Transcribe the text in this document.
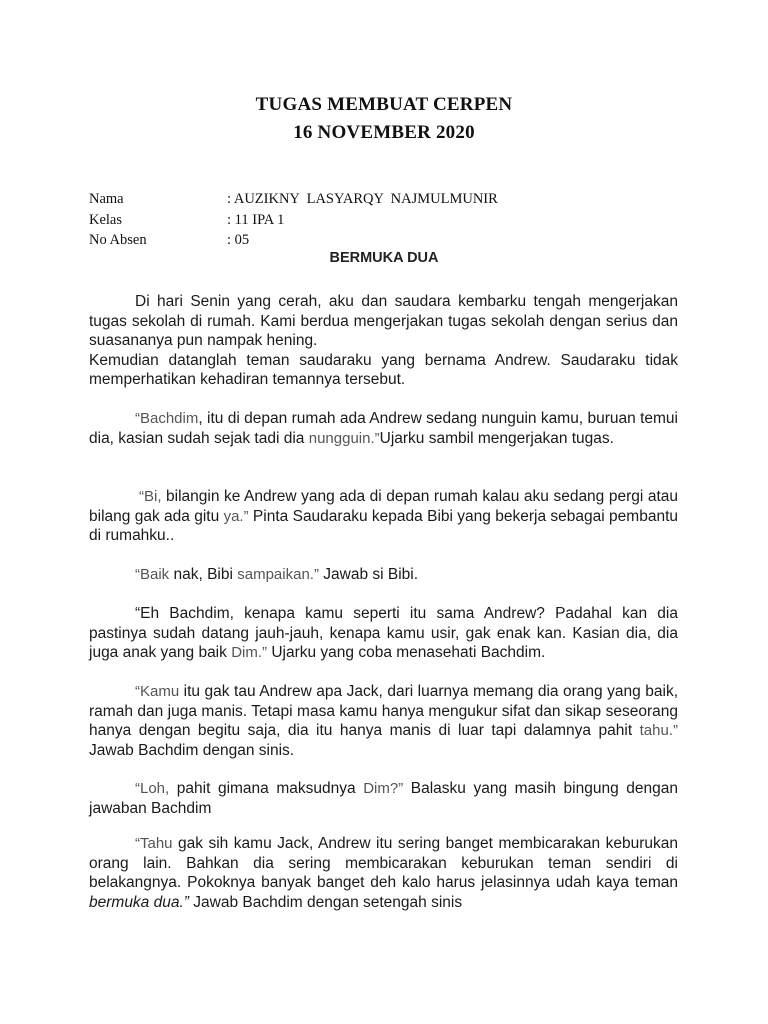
TUGAS MEMBUAT CERPEN
16 NOVEMBER 2020
Nama	: AUZIKNY  LASYARQY  NAJMULMUNIR
Kelas	: 11 IPA 1
No Absen	: 05
BERMUKA DUA
Di hari Senin yang cerah, aku dan saudara kembarku tengah mengerjakan tugas sekolah di rumah. Kami berdua mengerjakan tugas sekolah dengan serius dan suasananya pun nampak hening.
Kemudian datanglah teman saudaraku yang bernama Andrew. Saudaraku tidak memperhatikan kehadiran temannya tersebut.
“Bachdim, itu di depan rumah ada Andrew sedang nunguin kamu, buruan temui dia, kasian sudah sejak tadi dia nungguin.”Ujarku sambil mengerjakan tugas.
“Bi, bilangin ke Andrew yang ada di depan rumah kalau aku sedang pergi atau bilang gak ada gitu ya.” Pinta Saudaraku kepada Bibi yang bekerja sebagai pembantu di rumahku..
“Baik nak, Bibi sampaikan.” Jawab si Bibi.
“Eh Bachdim, kenapa kamu seperti itu sama Andrew? Padahal kan dia pastinya sudah datang jauh-jauh, kenapa kamu usir, gak enak kan. Kasian dia, dia juga anak yang baik Dim.” Ujarku yang coba menasehati Bachdim.
“Kamu itu gak tau Andrew apa Jack, dari luarnya memang dia orang yang baik, ramah dan juga manis. Tetapi masa kamu hanya mengukur sifat dan sikap seseorang hanya dengan begitu saja, dia itu hanya manis di luar tapi dalamnya pahit tahu.” Jawab Bachdim dengan sinis.
“Loh, pahit gimana maksudnya Dim?” Balasku yang masih bingung dengan jawaban Bachdim
“Tahu gak sih kamu Jack, Andrew itu sering banget membicarakan keburukan orang lain. Bahkan dia sering membicarakan keburukan teman sendiri di belakangnya. Pokoknya banyak banget deh kalo harus jelasinnya udah kaya teman bermuka dua.” Jawab Bachdim dengan setengah sinis
